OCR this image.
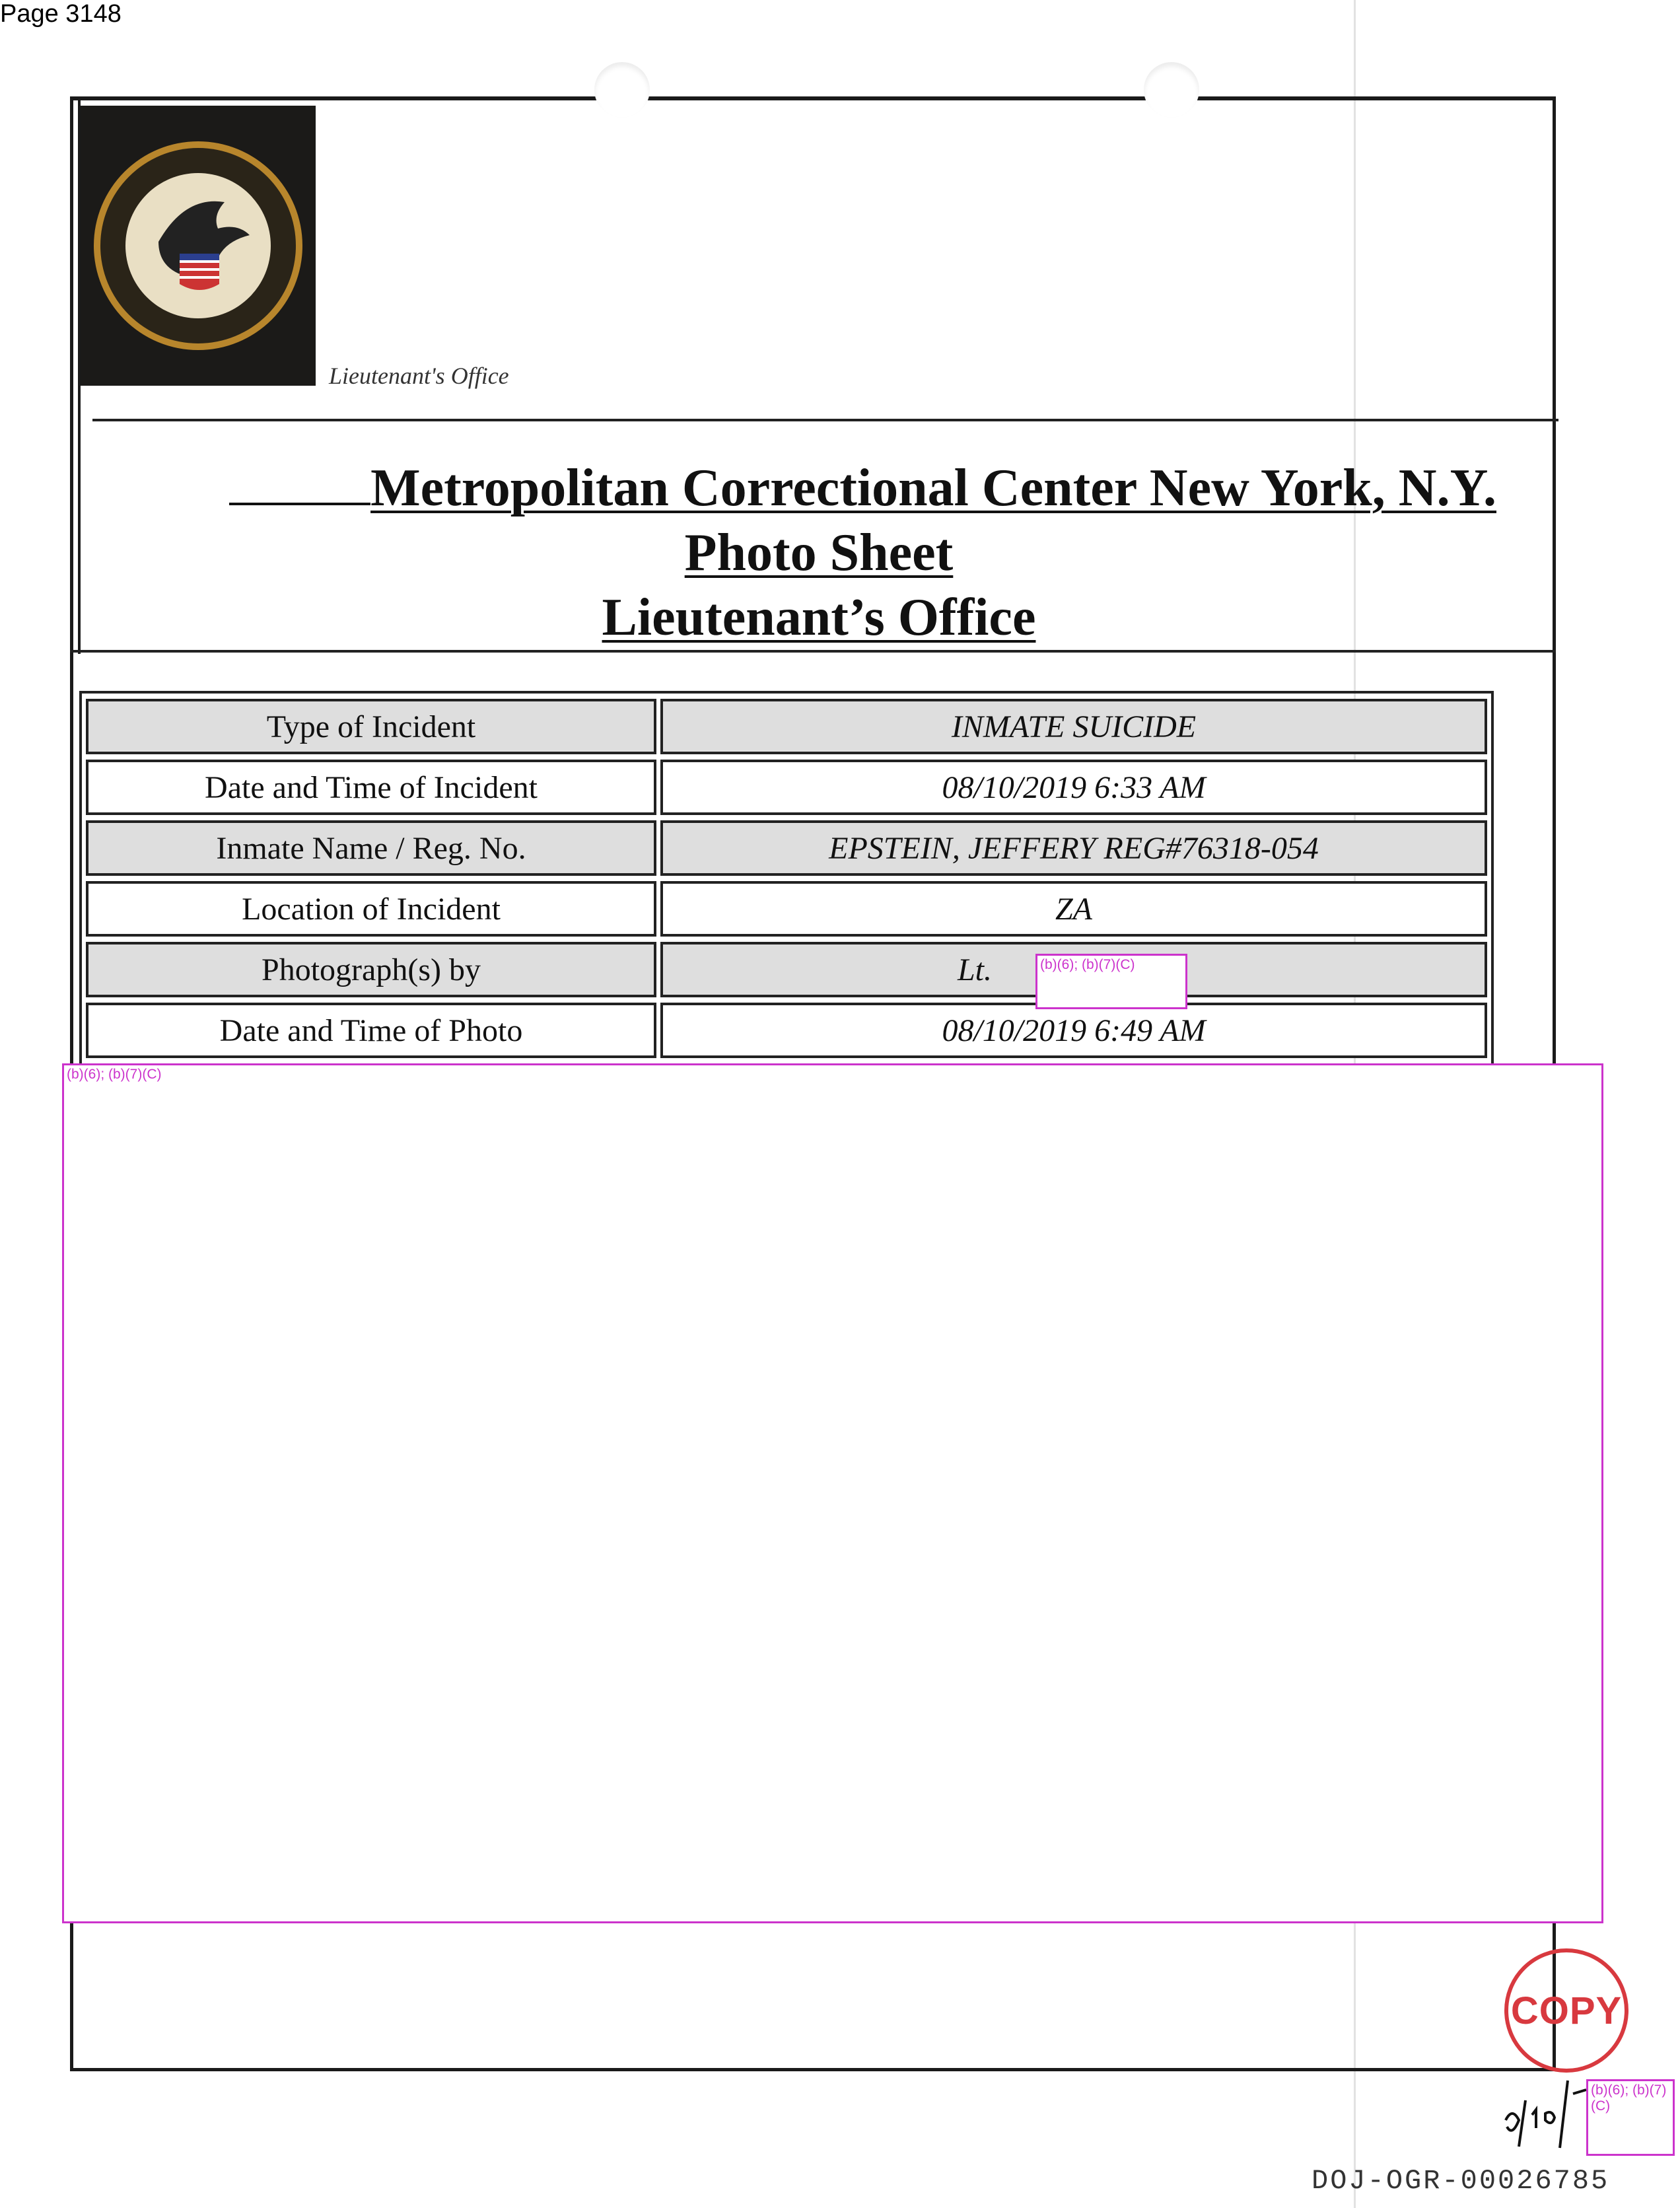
Page 3148
Lieutenant's Office
Metropolitan Correctional Center New York, N.Y.
Photo Sheet
Lieutenant’s Office
Type of Incident	INMATE SUICIDE
Date and Time of Incident	08/10/2019 6:33 AM
Inmate Name / Reg. No.	EPSTEIN, JEFFERY REG#76318-054
Location of Incident	ZA
Photograph(s) by	Lt.
Date and Time of Photo	08/10/2019 6:49 AM
(b)(6); (b)(7)(C)
(b)(6); (b)(7)(C)
COPY
(b)(6); (b)(7)(C)
DOJ-OGR-00026785
